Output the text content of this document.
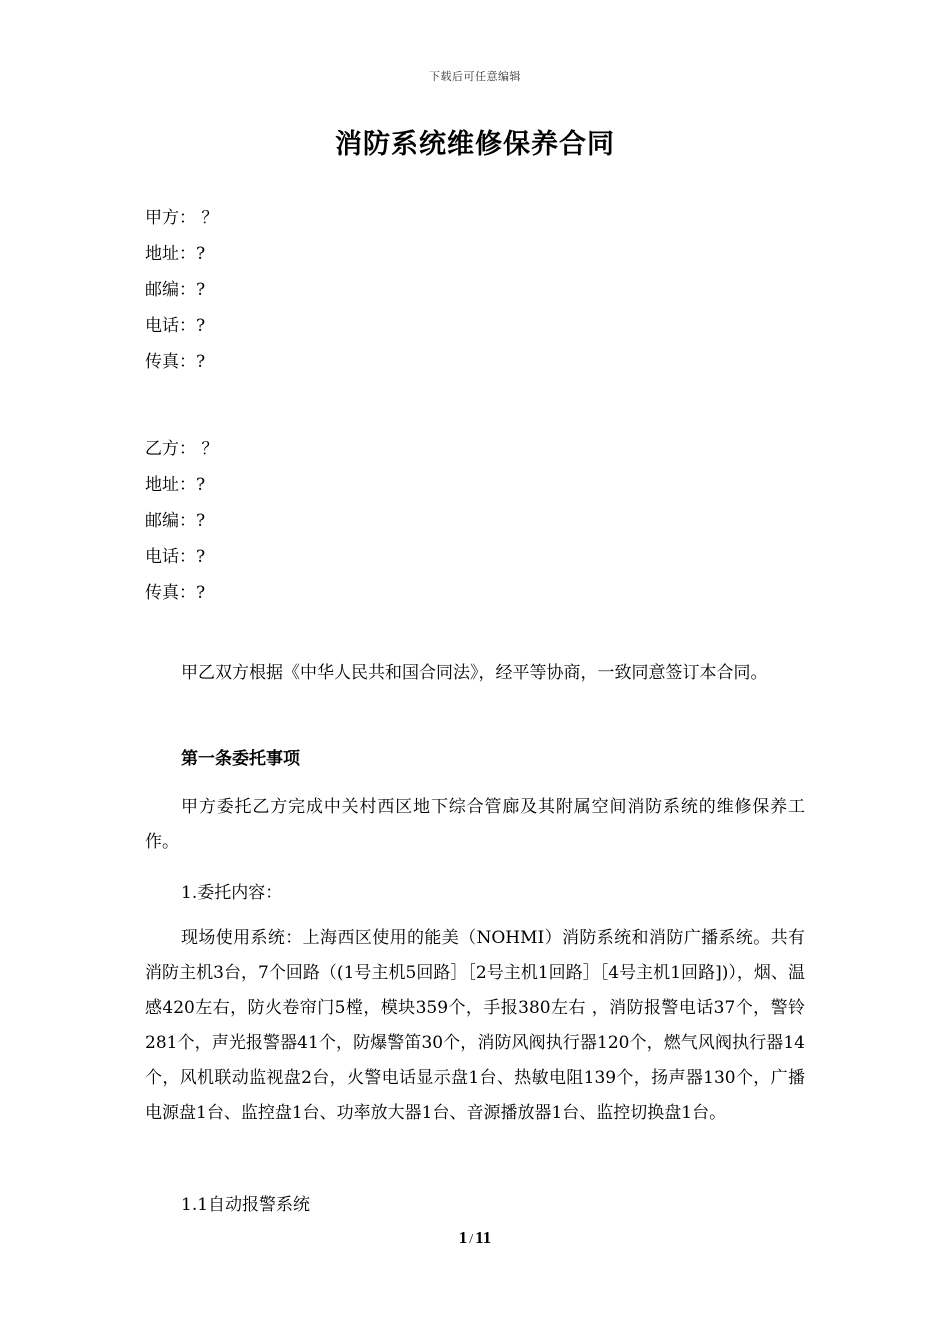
下载后可任意编辑
消防系统维修保养合同
甲方： ？
地址：?
邮编：?
电话：?
传真：?
乙方： ？
地址：?
邮编：?
电话：?
传真：?

甲乙双方根据《中华人民共和国合同法》，经平等协商，一致同意签订本合同。

第一条委托事项

甲方委托乙方完成中关村西区地下综合管廊及其附属空间消防系统的维修保养工作。

1.委托内容：

现场使用系统：上海西区使用的能美（NOHMI）消防系统和消防广播系统。共有消防主机3台，7个回路（(1号主机5回路］［2号主机1回路］［4号主机1回路])），烟、温感420左右，防火卷帘门5樘，模块359个，手报380左右 ，消防报警电话37个，警铃281个，声光报警器41个，防爆警笛30个，消防风阀执行器120个，燃气风阀执行器14个，风机联动监视盘2台，火警电话显示盘1台、热敏电阻139个，扬声器130个，广播电源盘1台、监控盘1台、功率放大器1台、音源播放器1台、监控切换盘1台。

1.1自动报警系统

1 / 11
